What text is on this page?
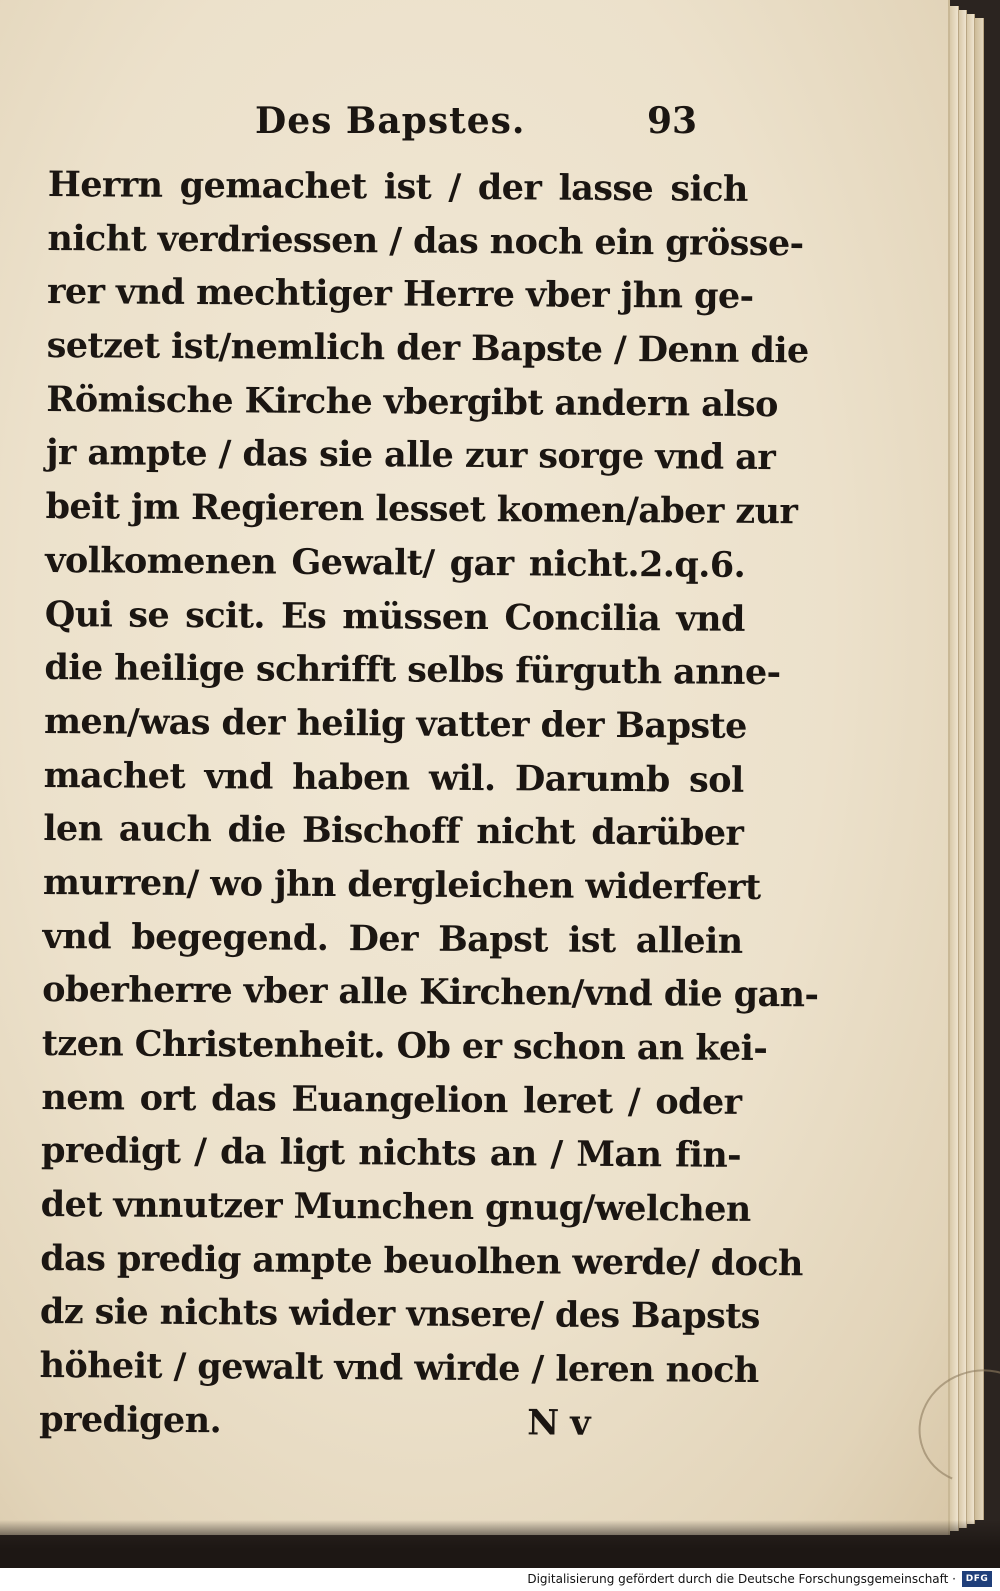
Des Bapstes.	93
Herrn gemachet ist / der lasse sich
nicht verdriessen / das noch ein grösse-
rer vnd mechtiger Herre vber jhn ge-
setzet ist/nemlich der Bapste / Denn die
Römische Kirche vbergibt andern also
jr ampte / das sie alle zur sorge vnd ar
beit jm Regieren lesset komen/aber zur
volkomenen Gewalt/ gar nicht.2.q.6.
Qui se scit. Es müssen Concilia vnd
die heilige schrifft selbs fürguth anne-
men/was der heilig vatter der Bapste
machet vnd haben wil. Darumb sol
len auch die Bischoff nicht darüber
murren/ wo jhn dergleichen widerfert
vnd begegend. Der Bapst ist allein
oberherre vber alle Kirchen/vnd die gan-
tzen Christenheit. Ob er schon an kei-
nem ort das Euangelion leret / oder
predigt / da ligt nichts an / Man fin-
det vnnutzer Munchen gnug/welchen
das predig ampte beuolhen werde/ doch
dz sie nichts wider vnsere/ des Bapsts
höheit / gewalt vnd wirde / leren noch
predigen.	N v
Digitalisierung gefördert durch die Deutsche Forschungsgemeinschaft ·	DFG
